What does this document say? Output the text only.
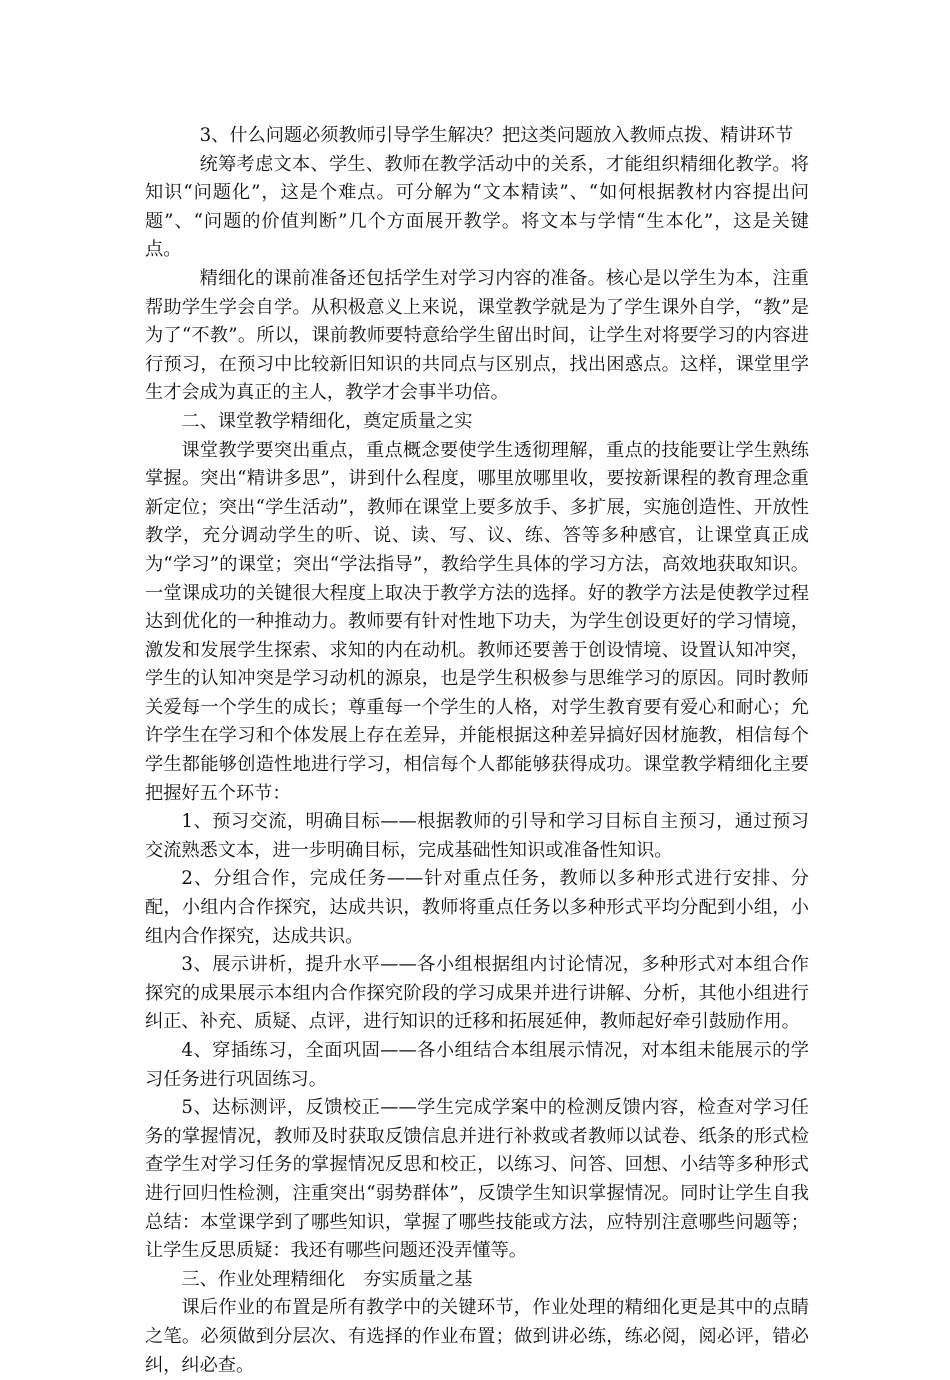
3、什么问题必须教师引导学生解决？把这类问题放入教师点拨、精讲环节

统筹考虑文本、学生、教师在教学活动中的关系，才能组织精细化教学。将知识“问题化”，这是个难点。可分解为“文本精读”、“如何根据教材内容提出问题”、“问题的价值判断”几个方面展开教学。将文本与学情“生本化”，这是关键点。

精细化的课前准备还包括学生对学习内容的准备。核心是以学生为本，注重帮助学生学会自学。从积极意义上来说，课堂教学就是为了学生课外自学，“教”是为了“不教”。所以，课前教师要特意给学生留出时间，让学生对将要学习的内容进行预习，在预习中比较新旧知识的共同点与区别点，找出困惑点。这样，课堂里学生才会成为真正的主人，教学才会事半功倍。

二、课堂教学精细化，奠定质量之实

课堂教学要突出重点，重点概念要使学生透彻理解，重点的技能要让学生熟练掌握。突出“精讲多思”，讲到什么程度，哪里放哪里收，要按新课程的教育理念重新定位；突出“学生活动”，教师在课堂上要多放手、多扩展，实施创造性、开放性教学，充分调动学生的听、说、读、写、议、练、答等多种感官，让课堂真正成为“学习”的课堂；突出“学法指导”，教给学生具体的学习方法，高效地获取知识。一堂课成功的关键很大程度上取决于教学方法的选择。好的教学方法是使教学过程达到优化的一种推动力。教师要有针对性地下功夫，为学生创设更好的学习情境，激发和发展学生探索、求知的内在动机。教师还要善于创设情境、设置认知冲突，学生的认知冲突是学习动机的源泉，也是学生积极参与思维学习的原因。同时教师关爱每一个学生的成长；尊重每一个学生的人格，对学生教育要有爱心和耐心；允许学生在学习和个体发展上存在差异，并能根据这种差异搞好因材施教，相信每个学生都能够创造性地进行学习，相信每个人都能够获得成功。课堂教学精细化主要把握好五个环节：

1、预习交流，明确目标——根据教师的引导和学习目标自主预习，通过预习交流熟悉文本，进一步明确目标，完成基础性知识或准备性知识。

2、分组合作，完成任务——针对重点任务，教师以多种形式进行安排、分配，小组内合作探究，达成共识，教师将重点任务以多种形式平均分配到小组，小组内合作探究，达成共识。

3、展示讲析，提升水平——各小组根据组内讨论情况，多种形式对本组合作探究的成果展示本组内合作探究阶段的学习成果并进行讲解、分析，其他小组进行纠正、补充、质疑、点评，进行知识的迁移和拓展延伸，教师起好牵引鼓励作用。

4、穿插练习，全面巩固——各小组结合本组展示情况，对本组未能展示的学习任务进行巩固练习。

5、达标测评，反馈校正——学生完成学案中的检测反馈内容，检查对学习任务的掌握情况，教师及时获取反馈信息并进行补救或者教师以试卷、纸条的形式检查学生对学习任务的掌握情况反思和校正，以练习、问答、回想、小结等多种形式进行回归性检测，注重突出“弱势群体”，反馈学生知识掌握情况。同时让学生自我总结：本堂课学到了哪些知识，掌握了哪些技能或方法，应特别注意哪些问题等；让学生反思质疑：我还有哪些问题还没弄懂等。

三、作业处理精细化　夯实质量之基

课后作业的布置是所有教学中的关键环节，作业处理的精细化更是其中的点睛之笔。必须做到分层次、有选择的作业布置；做到讲必练，练必阅，阅必评，错必纠，纠必查。
